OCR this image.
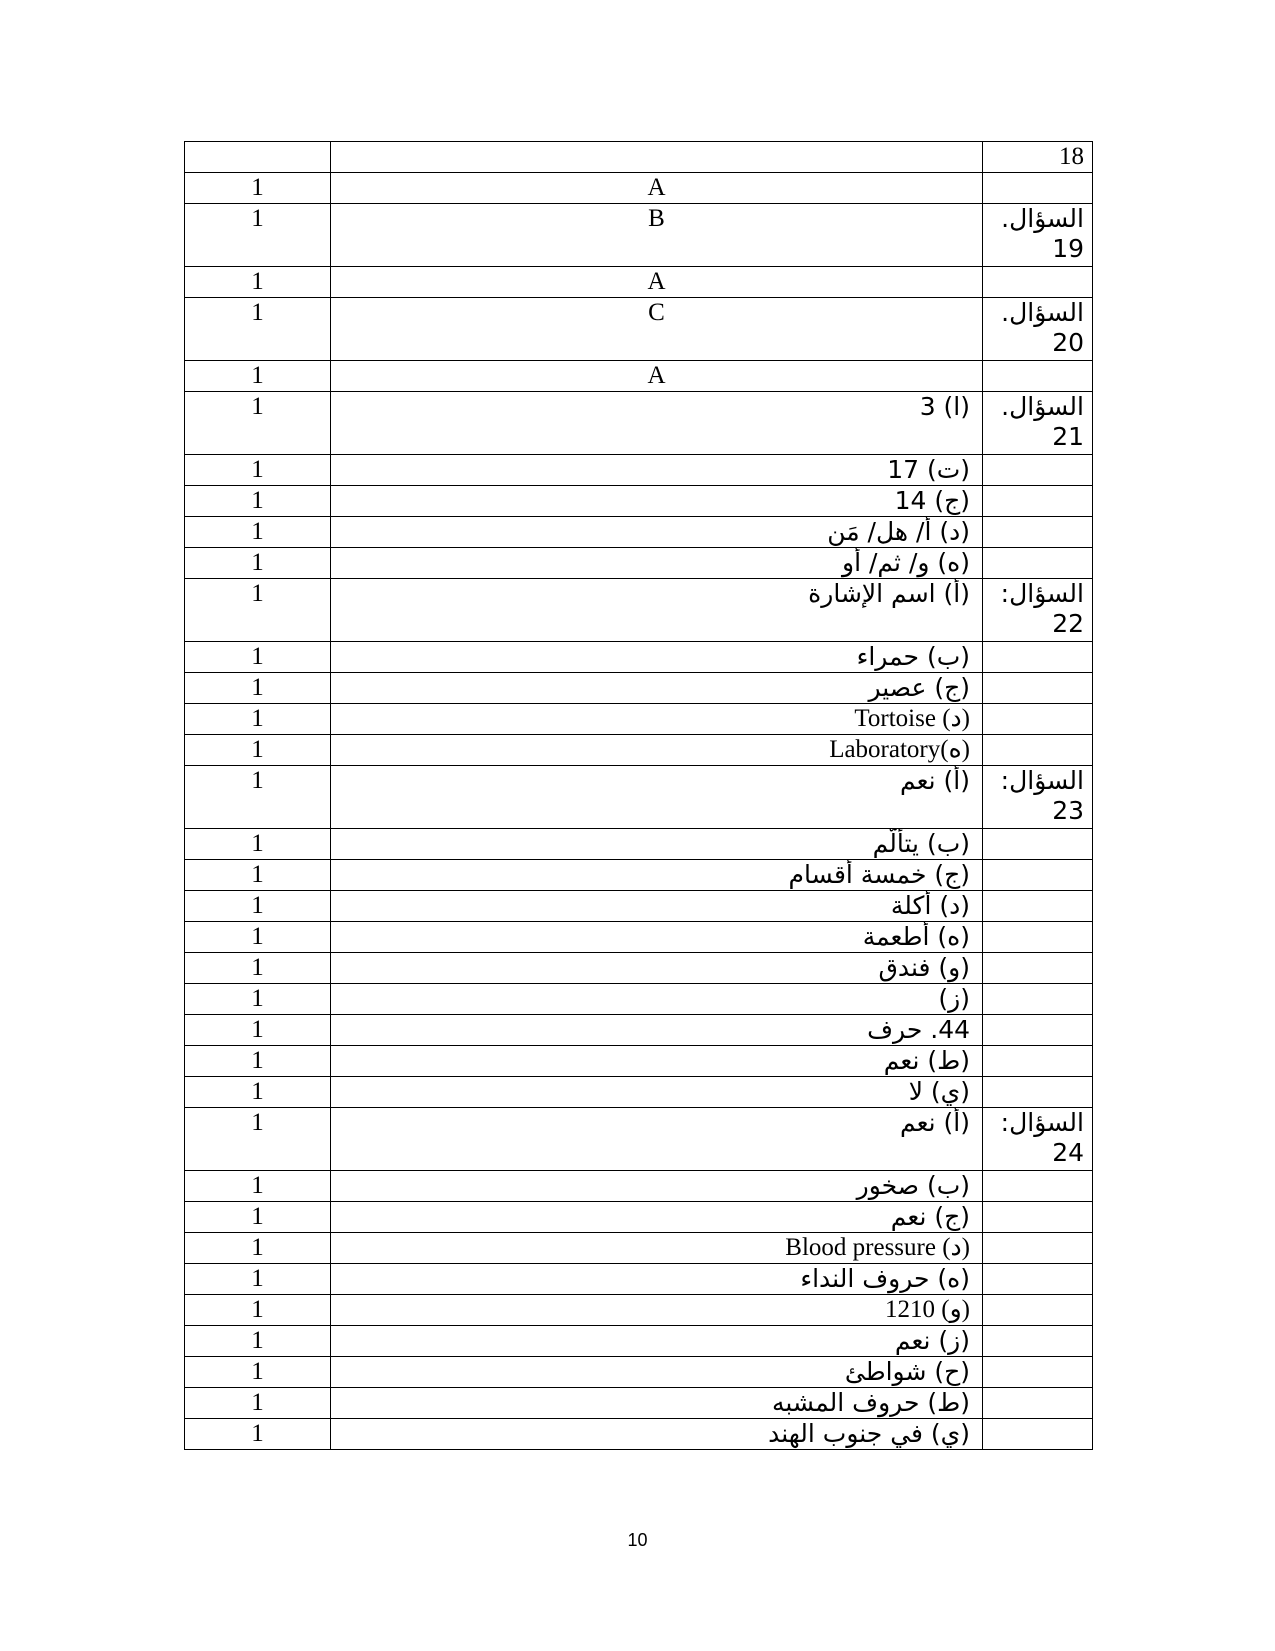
		18
1	A	
1	B	السؤال. 19
1	A	
1	C	السؤال. 20
1	A	
1	(ا) 3	السؤال. 21
1	(ت) 17	
1	(ج) 14	
1	(د) أ/ هل/ مَن	
1	(ه) و/ ثم/ أو	
1	(أ) اسم الإشارة	السؤال: 22
1	(ب) حمراء	
1	(ج) عصير	
1	(د) Tortoise	
1	(ه)Laboratory	
1	(أ) نعم	السؤال: 23
1	(ب) يتألّم	
1	(ج) خمسة أقسام	
1	(د) أكلة	
1	(ه) أطعمة	
1	(و) فندق	
1	(ز)	
1	44. حرف	
1	(ط) نعم	
1	(ي) لا	
1	(أ) نعم	السؤال: 24
1	(ب) صخور	
1	(ج) نعم	
1	(د) Blood pressure	
1	(ه) حروف النداء	
1	(و) 1210	
1	(ز) نعم	
1	(ح) شواطئ	
1	(ط) حروف المشبه	
1	(ي) في جنوب الهند	
10
